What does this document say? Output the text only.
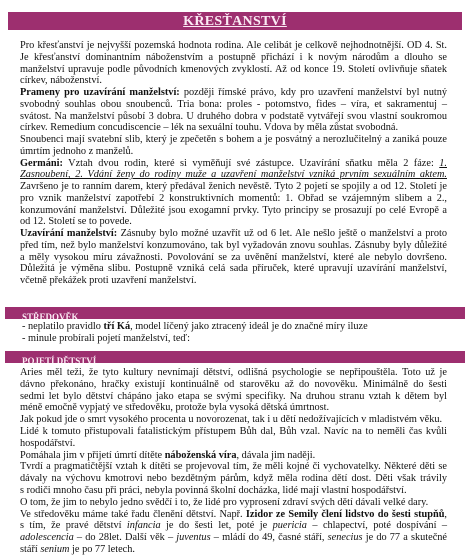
KŘESŤANSTVÍ
Pro křesťanství je nejvyšší pozemská hodnota rodina. Ale celibát je celkově nejhodnotnější. OD 4. St.
Je křesťanství dominantním náboženstvím a postupně přichází i k novým národům a dlouho se
manželství upravuje podle původních kmenových zvyklostí. Až od konce 19. Století ovlivňuje sňatek
církev, náboženství.
Prameny pro uzavírání manželství: později římské právo, kdy pro uzavření manželství byl nutný
svobodný souhlas obou snoubenců. Tria bona: proles - potomstvo, fides – víra, et sakramentuj –
svátost. Na manželství působí 3 dobra. U druhého dobra v podstatě vytvářejí svou vlastní soukromou
církev. Remedium concudiscencie – lék na sexuální touhu. Vdova by měla zůstat svobodná.
Snoubenci mají svatební slib, který je zpečetěn s bohem a je posvátný a nerozlučitelný a zaniká pouze
úmrtím jednoho z manželů.
Germáni: Vztah dvou rodin, které si vyměňují své zástupce. Uzavírání sňatku měla 2 fáze: 1.
Zasnoubení, 2. Vdání ženy do rodiny muže a uzavření manželství vzniká prvním sexuálním aktem.
Završeno je to ranním darem, který předával ženich nevěstě. Tyto 2 pojetí se spojily a od 12. Století je
pro vznik manželství zapotřebí 2 konstruktivních momentů: 1. Obřad se vzájemným slibem a 2.,
konzumování manželství. Důležité jsou exogamní prvky. Tyto principy se prosazují po celé Evropě a
od 12. Století se to povede.
Uzavírání manželství: Zásnuby bylo možné uzavřít už od 6 let. Ale nešlo ještě o manželství a proto
před tím, než bylo manželství konzumováno, tak byl vyžadován znovu souhlas. Zásnuby byly důležité
a měly vysokou míru závažnosti. Povolování se za uvěnění manželství, které ale nebylo dovršeno.
Důležitá je výměna slibu. Postupně vzniká celá sada příruček, které upravují uzavírání manželství,
včetně překážek proti uzavření manželství.
STŘEDOVĚK
- neplatilo pravidlo tří Ká, model líčený jako ztracený ideál je do značné míry iluze
- minule probírali pojetí manželství, teď:
POJETÍ DĚTSTVÍ
Aries měl teži, že tyto kultury nevnímají dětství, odlišná psychologie se nepřipouštěla. Toto už je
dávno překonáno, hračky existují kontinuálně od starověku až do novověku. Minimálně do šesti
sedmi let bylo dětství chápáno jako etapa se svými specifiky. Na druhou stranu vztah k dětem byl
méně emočně vypjatý ve středověku, protože byla vysoká dětská úmrtnost.
Jak pokud jde o smrt vysokého procenta u novorozenat, tak i u dětí nedožívajících v mladistvém věku.
Lidé k tomuto přistupovali fatalistickým přístupem Bůh dal, Bůh vzal. Navíc na to neměli čas kvůli
hospodářství.
Pomáhala jim v přijetí úmrtí dítěte náboženská víra, dávala jim naději.
Tvrdí a pragmatičtější vztah k dítěti se projevoval tím, že měli kojné či vychovatelky. Některé děti se
dávaly na výchovu kmotrovi nebo bezdětným párům, když měla rodina dětí dost. Děti však trávily
s rodiči mnoho času při práci, nebyla povinná školní docházka, lidé mají vlastní hospodářství.
O tom, že jim to nebylo jedno svědčí i to, že lidé pro vyprosení zdraví svých dětí dávali velké dary.
Ve středověku máme také řadu členění dětství. Např. Izidor ze Semily člení lidstvo do šesti stupňů,
s tím, že pravé dětství infancia je do šesti let, poté je puericia – chlapectví, poté dospívání –
adolescencia – do 28let. Další věk – juventus – mládí do 49, časné stáří, senecius je do 77 a skutečné
stáří senium je po 77 letech.
